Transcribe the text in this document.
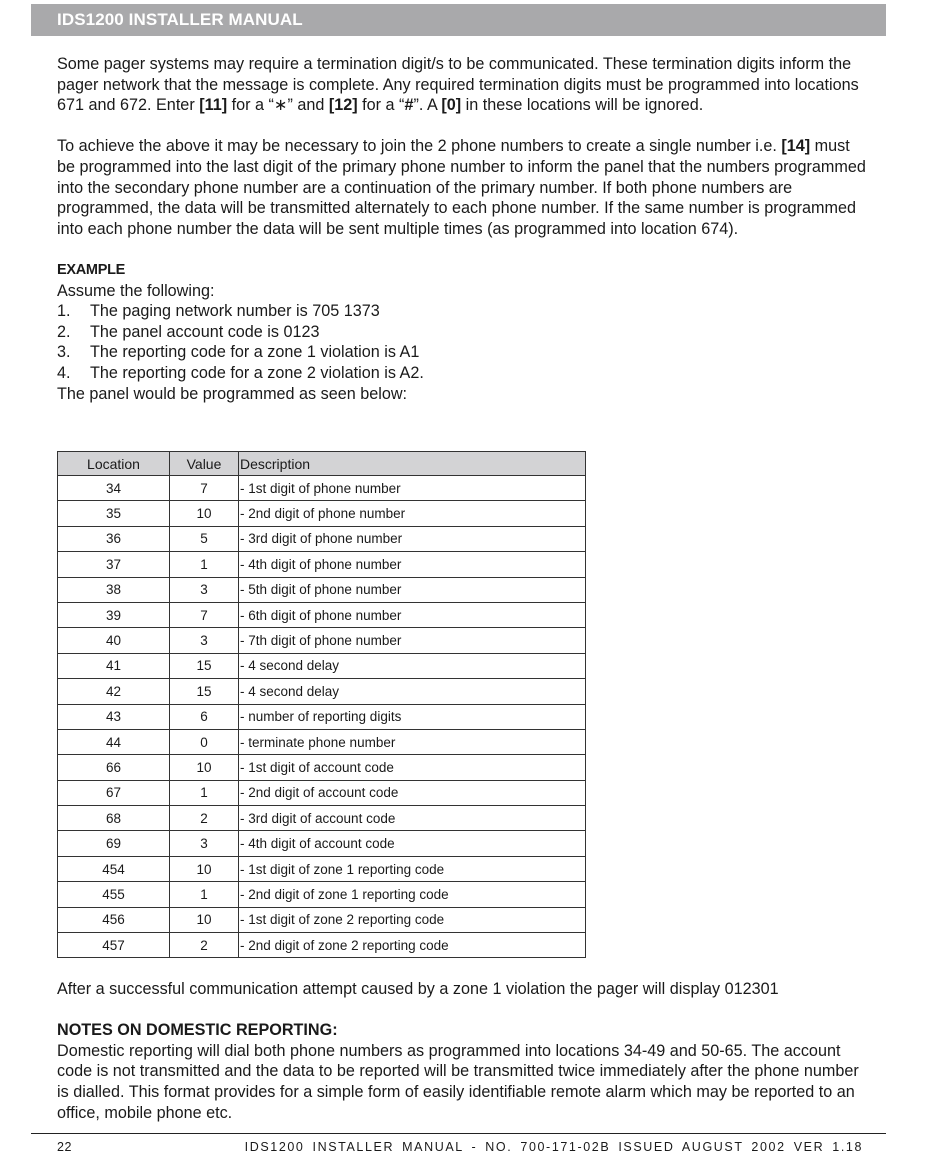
IDS1200 INSTALLER MANUAL

Some pager systems may require a termination digit/s to be communicated. These termination digits inform the pager network that the message is complete. Any required termination digits must be programmed into locations 671 and 672. Enter [11] for a “∗” and [12] for a “#”. A [0] in these locations will be ignored.

To achieve the above it may be necessary to join the 2 phone numbers to create a single number i.e. [14] must be programmed into the last digit of the primary phone number to inform the panel that the numbers programmed into the secondary phone number are a continuation of the primary number. If both phone numbers are programmed, the data will be transmitted alternately to each phone number. If the same number is programmed into each phone number the data will be sent multiple times (as programmed into location 674).

EXAMPLE

Assume the following:

1.	The paging network number is 705 1373
2.	The panel account code is 0123
3.	The reporting code for a zone 1 violation is A1
4.	The reporting code for a zone 2 violation is A2.

The panel would be programmed as seen below:

Location	Value	Description
34	7	- 1st digit of phone number
35	10	- 2nd digit of phone number
36	5	- 3rd digit of phone number
37	1	- 4th digit of phone number
38	3	- 5th digit of phone number
39	7	- 6th digit of phone number
40	3	- 7th digit of phone number
41	15	- 4 second delay
42	15	- 4 second delay
43	6	- number of reporting digits
44	0	- terminate phone number
66	10	- 1st digit of account code
67	1	- 2nd digit of account code
68	2	- 3rd digit of account code
69	3	- 4th digit of account code
454	10	- 1st digit of zone 1 reporting code
455	1	- 2nd digit of zone 1 reporting code
456	10	- 1st digit of zone 2 reporting code
457	2	- 2nd digit of zone 2 reporting code

After a successful communication attempt caused by a zone 1 violation the pager will display 012301

NOTES ON DOMESTIC REPORTING:

Domestic reporting will dial both phone numbers as programmed into locations 34-49 and 50-65. The account code is not transmitted and the data to be reported will be transmitted twice immediately after the phone number is dialled. This format provides for a simple form of easily identifiable remote alarm which may be reported to an office, mobile phone etc.

22	IDS1200 INSTALLER MANUAL - NO. 700-171-02B ISSUED AUGUST 2002 VER 1.18
